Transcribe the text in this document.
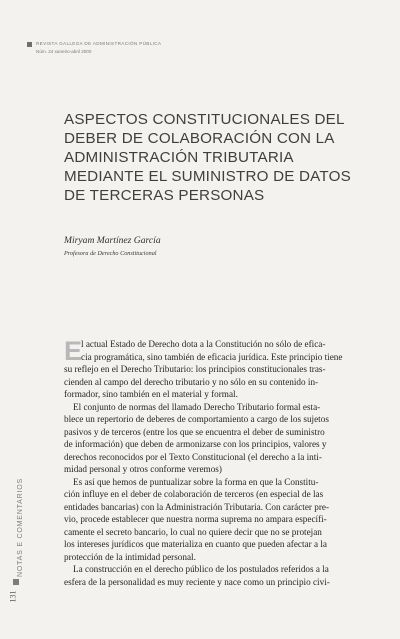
REVISTA GALLEGA DE ADMINISTRACIÓN PÚBLICA
Núm. 24 xaneiro-abril 2000
ASPECTOS CONSTITUCIONALES DEL
DEBER DE COLABORACIÓN CON LA
ADMINISTRACIÓN TRIBUTARIA
MEDIANTE EL SUMINISTRO DE DATOS
DE TERCERAS PERSONAS
Miryam Martínez García
Profesora de Derecho Constitucional
NOTAS E COMENTARIOS
131
E
l actual Estado de Derecho dota a la Constitución no sólo de efica-
cia programática, sino también de eficacia jurídica. Este principio tiene
su reflejo en el Derecho Tributario: los principios constitucionales tras-
cienden al campo del derecho tributario y no sólo en su contenido in-
formador, sino también en el material y formal.
El conjunto de normas del llamado Derecho Tributario formal esta-
blece un repertorio de deberes de comportamiento a cargo de los sujetos
pasivos y de terceros (entre los que se encuentra el deber de suministro
de información) que deben de armonizarse con los principios, valores y
derechos reconocidos por el Texto Constitucional (el derecho a la inti-
midad personal y otros conforme veremos)
Es así que hemos de puntualizar sobre la forma en que la Constitu-
ción influye en el deber de colaboración de terceros (en especial de las
entidades bancarias) con la Administración Tributaria. Con carácter pre-
vio, procede establecer que nuestra norma suprema no ampara específi-
camente el secreto bancario, lo cual no quiere decir que no se protejan
los intereses jurídicos que materializa en cuanto que pueden afectar a la
protección de la intimidad personal.
La construcción en el derecho público de los postulados referidos a la
esfera de la personalidad es muy reciente y nace como un principio civi-
